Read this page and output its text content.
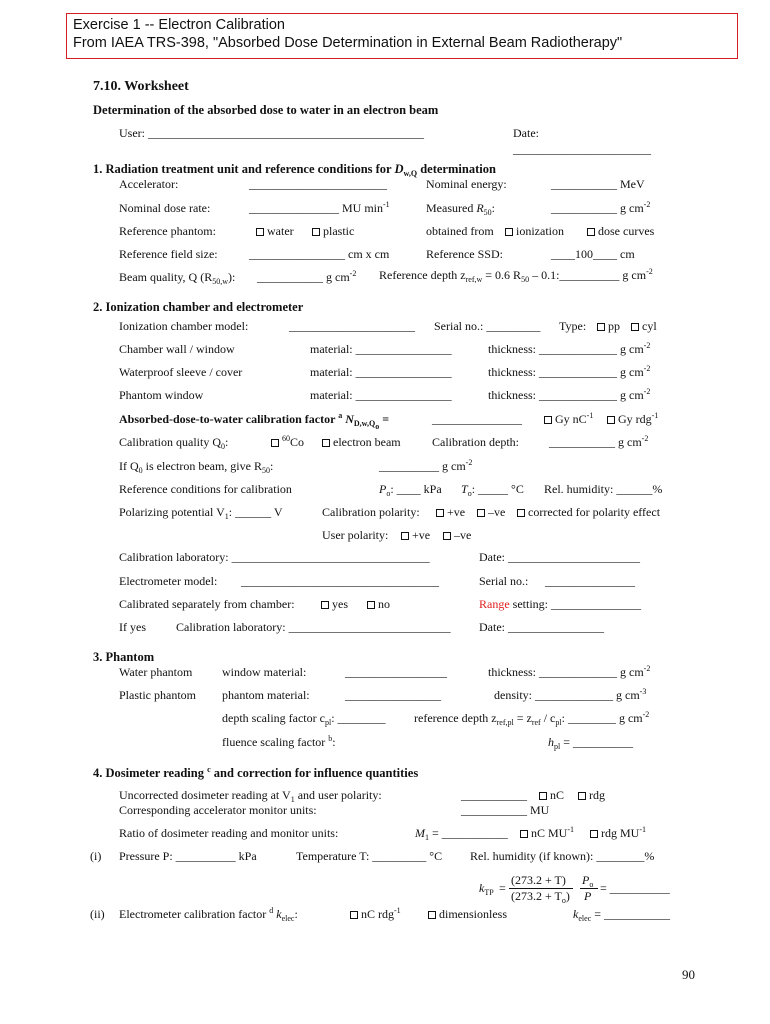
Exercise 1 -- Electron Calibration
From IAEA TRS-398, "Absorbed Dose Determination in External Beam Radiotherapy"
7.10. Worksheet
Determination of the absorbed dose to water in an electron beam
User: ______________________________________________	Date:
_______________________
1. Radiation treatment unit and reference conditions for $D_{w,Q}$ determination
Accelerator:	_______________________	Nominal energy:	___________ MeV
Nominal dose rate:	_______________ MU $\min^{-1}$	Measured $R_{50}$:	___________ g $cm^{-2}$
Reference phantom:	water	plastic	obtained from	ionization	dose curves
Reference field size:	________________ cm x cm	Reference SSD:	____100____ cm
Beam quality, Q $(R_{50,w})$: ___________ g $cm^{-2}$ Reference depth $z_{ref,w} = 0.6$ $R_{50}$ – 0.1:__________ g $cm^{-2}$
2. Ionization chamber and electrometer
Ionization chamber model:	_____________________ Serial no.: _________ Type:	pp	cyl
Chamber wall / window	material: ________________	thickness: _____________ g $cm^{-2}$
Waterproof sleeve / cover	material: ________________	thickness: _____________ g $cm^{-2}$
Phantom window	material: ________________	thickness: _____________ g $cm^{-2}$
Absorbed-dose-to-water calibration factor $^a$ $N_{D,w,Q_o}$ =	_______________	Gy $nC^{-1}$	Gy rdg$^{-1}$
Calibration quality $Q_0$:	$^{60}$Co	electron beam	Calibration depth:	___________ g $cm^{-2}$
If $Q_0$ is electron beam, give $R_{50}$:	__________ g $cm^{-2}$
Reference conditions for calibration	$P_o$: ____ kPa $T_o$: _____ °C Rel. humidity: ______%
Polarizing potential $V_1$: ______ V	Calibration polarity:	+ve	–ve	corrected for polarity effect
User polarity:	+ve	–ve
Calibration laboratory: _________________________________	Date: ______________________
Electrometer model: _________________________________	Serial no.: _______________
Calibrated separately from chamber:	yes	no	Range setting: _______________
If yes	Calibration laboratory: ___________________________ Date: ________________
3. Phantom
Water phantom window material:	_________________	thickness: _____________ g $cm^{-2}$
Plastic phantom phantom material:	________________	density: _____________ g $cm^{-3}$
depth scaling factor $c_{pl}$: ________ reference depth $z_{ref,pl} = z_{ref} / c_{pl}$: ________ g $cm^{-2}$
fluence scaling factor $^b$:	$h_{pl}$ = __________
4. Dosimeter reading $^c$ and correction for influence quantities
Uncorrected dosimeter reading at $V_1$ and user polarity:	___________	nC	rdg
Corresponding accelerator monitor units:	___________ MU
Ratio of dosimeter reading and monitor units:	$M_1$ = ___________	nC $MU^{-1}$	rdg $MU^{-1}$
(i) Pressure P: __________ kPa	Temperature T: _________ °C Rel. humidity (if known): ________%
$k_{TP}$ =
(273.2 + T)
$(273.2 + T_o)$
$P_o$
P
= __________
(ii) Electrometer calibration factor $^d$ $k_{elec}$:	nC rdg$^{-1}$	dimensionless	$k_{elec}$ = ___________
90
